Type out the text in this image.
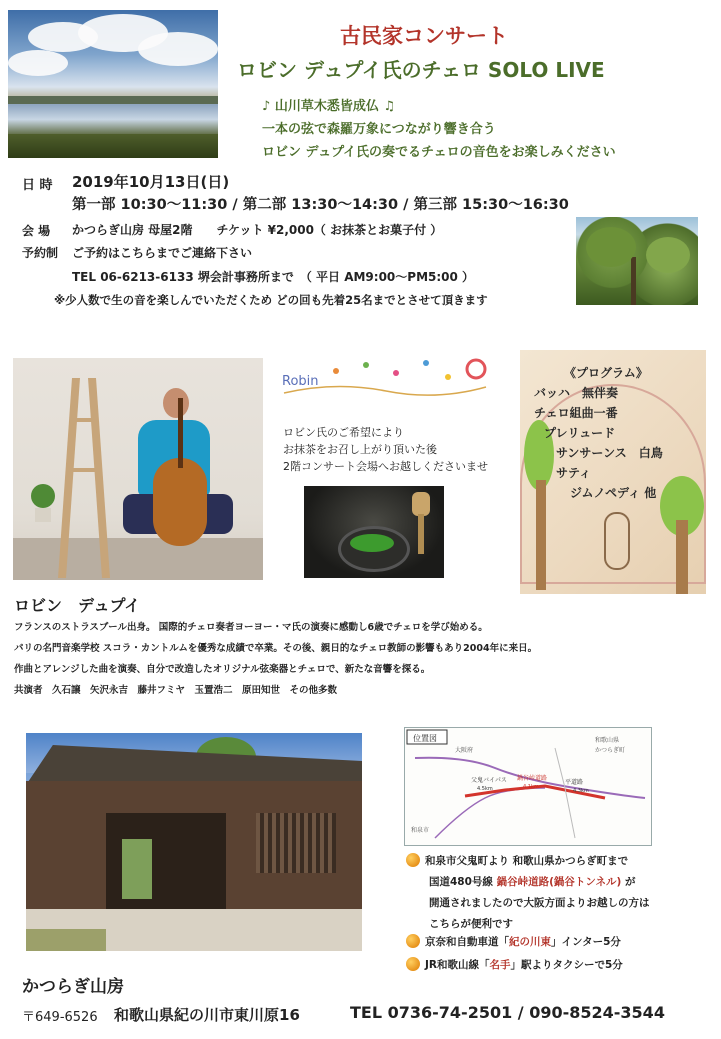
古民家コンサート
ロビン デュプイ氏のチェロ SOLO LIVE
♪ 山川草木悉皆成仏 ♫
一本の弦で森羅万象につながり響き合う
ロビン デュプイ氏の奏でるチェロの音色をお楽しみください
日 時 2019年10月13日(日)
第一部 10:30～11:30 / 第二部 13:30～14:30 / 第三部 15:30～16:30
会 場 かつらぎ山房 母屋2階　　チケット ¥2,000（ お抹茶とお菓子付 ）
予約制 ご予約はこちらまでご連絡下さい
TEL 06-6213-6133 堺会計事務所まで　（ 平日 AM9:00～PM5:00 ）
※少人数で生の音を楽しんでいただくため どの回も先着25名までとさせて頂きます
Robin
ロビン氏のご希望により
お抹茶をお召し上がり頂いた後
2階コンサート会場へお越しくださいませ
《プログラム》
バッハ　無伴奏
チェロ組曲一番
プレリュード
サンサーンス　白鳥
サティ
ジムノペディ 他
ロビン　デュプイ
フランスのストラスブール出身。 国際的チェロ奏者ヨーヨー・マ氏の演奏に感動し6歳でチェロを学び始める。
パリの名門音楽学校 スコラ・カントルムを優秀な成績で卒業。その後、親日的なチェロ教師の影響もあり2004年に来日。
作曲とアレンジした曲を演奏、自分で改造したオリジナル弦楽器とチェロで、新たな音響を探る。
共演者　久石譲　矢沢永吉　藤井フミヤ　玉置浩二　原田知世　その他多数
位置図
大阪府
和歌山県
かつらぎ町
父鬼バイパス 鍋谷峠道路
平道路
和泉市
4.5km	4.1km
4.3km
和泉市父鬼町より 和歌山県かつらぎ町まで
国道480号線 鍋谷峠道路(鍋谷トンネル) が
開通されましたので大阪方面よりお越しの方は
こちらが便利です
京奈和自動車道「紀の川東」インター5分
JR和歌山線「名手」駅よりタクシーで5分
かつらぎ山房
〒649-6526 和歌山県紀の川市東川原16	TEL 0736-74-2501 / 090-8524-3544
